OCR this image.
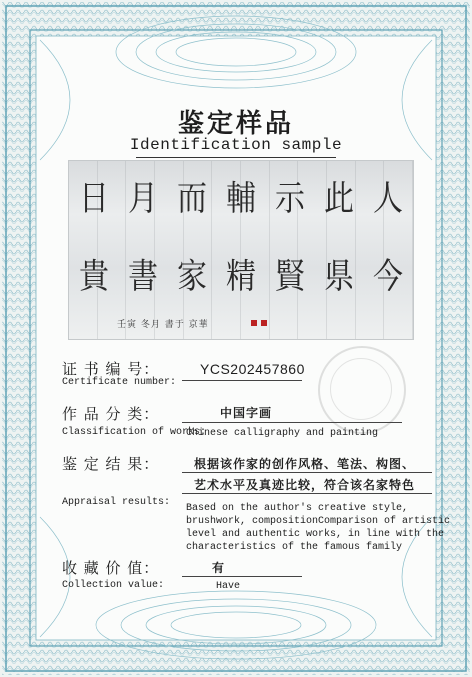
鉴定样品
Identification sample
日 月 而 輔 示 此 人
貴 書 家 精 賢 県 今
壬寅 冬月 書于 京華
证 书 编 号：
Certificate number:
YCS202457860
作 品 分 类：	中国字画
Classification of works:
Chinese calligraphy and painting
鉴 定 结 果：	根据该作家的创作风格、笔法、构图、
艺术水平及真迹比较，符合该名家特色
Appraisal results:
Based on the author's creative style,
brushwork, compositionComparison of artistic
level and authentic works, in line with the
characteristics of the famous family
收 藏 价 值：	有
Collection value:	Have
